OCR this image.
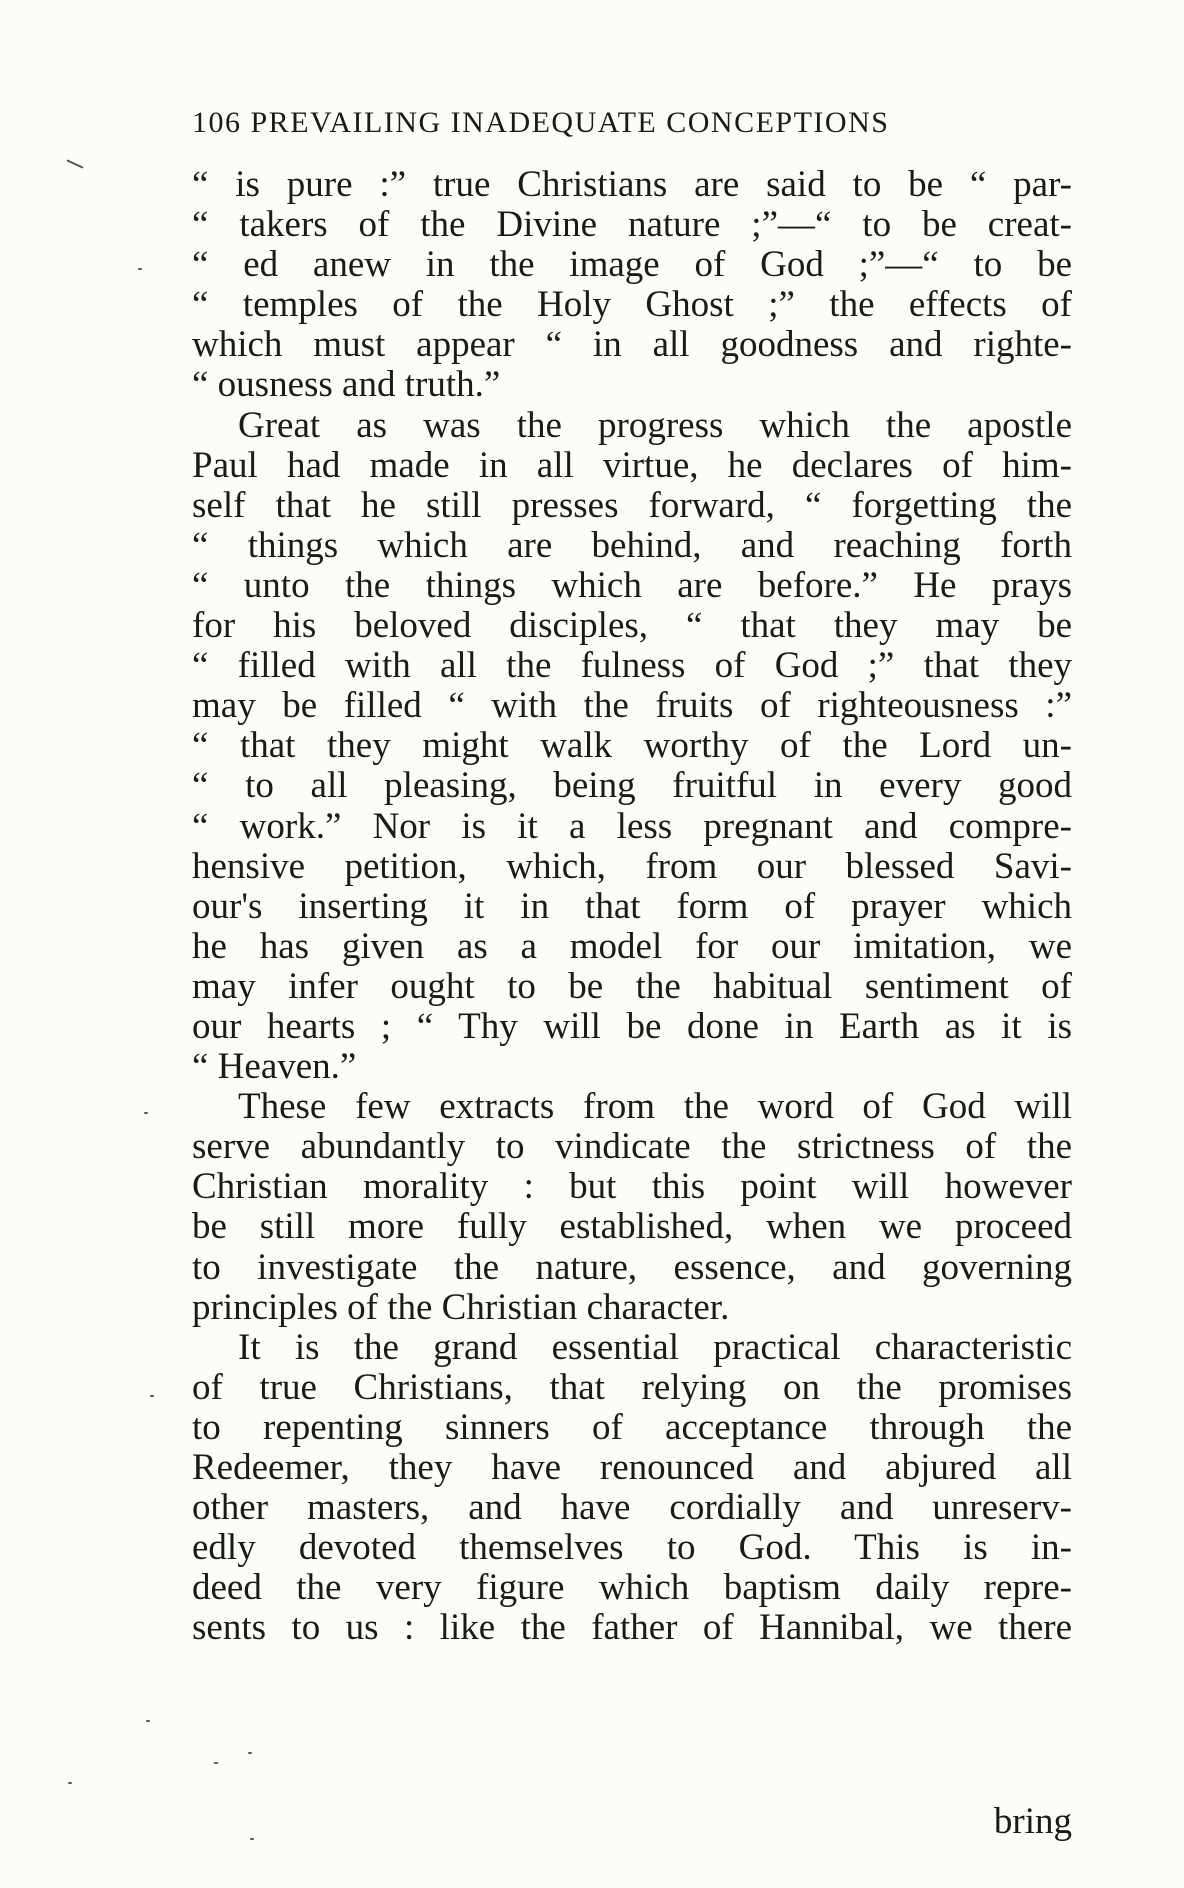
106 PREVAILING INADEQUATE CONCEPTIONS
“ is pure :” true Christians are said to be “ par-
“ takers of the Divine nature ;”—“ to be creat-
“ ed anew in the image of God ;”—“ to be
“ temples of the Holy Ghost ;” the effects of
which must appear “ in all goodness and righte-
“ ousness and truth.”
Great as was the progress which the apostle
Paul had made in all virtue, he declares of him-
self that he still presses forward, “ forgetting the
“ things which are behind, and reaching forth
“ unto the things which are before.” He prays
for his beloved disciples, “ that they may be
“ filled with all the fulness of God ;” that they
may be filled “ with the fruits of righteousness :”
“ that they might walk worthy of the Lord un-
“ to all pleasing, being fruitful in every good
“ work.” Nor is it a less pregnant and compre-
hensive petition, which, from our blessed Savi-
our's inserting it in that form of prayer which
he has given as a model for our imitation, we
may infer ought to be the habitual sentiment of
our hearts ; “ Thy will be done in Earth as it is
“ Heaven.”
These few extracts from the word of God will
serve abundantly to vindicate the strictness of the
Christian morality : but this point will however
be still more fully established, when we proceed
to investigate the nature, essence, and governing
principles of the Christian character.
It is the grand essential practical characteristic
of true Christians, that relying on the promises
to repenting sinners of acceptance through the
Redeemer, they have renounced and abjured all
other masters, and have cordially and unreserv-
edly devoted themselves to God. This is in-
deed the very figure which baptism daily repre-
sents to us : like the father of Hannibal, we there
bring
